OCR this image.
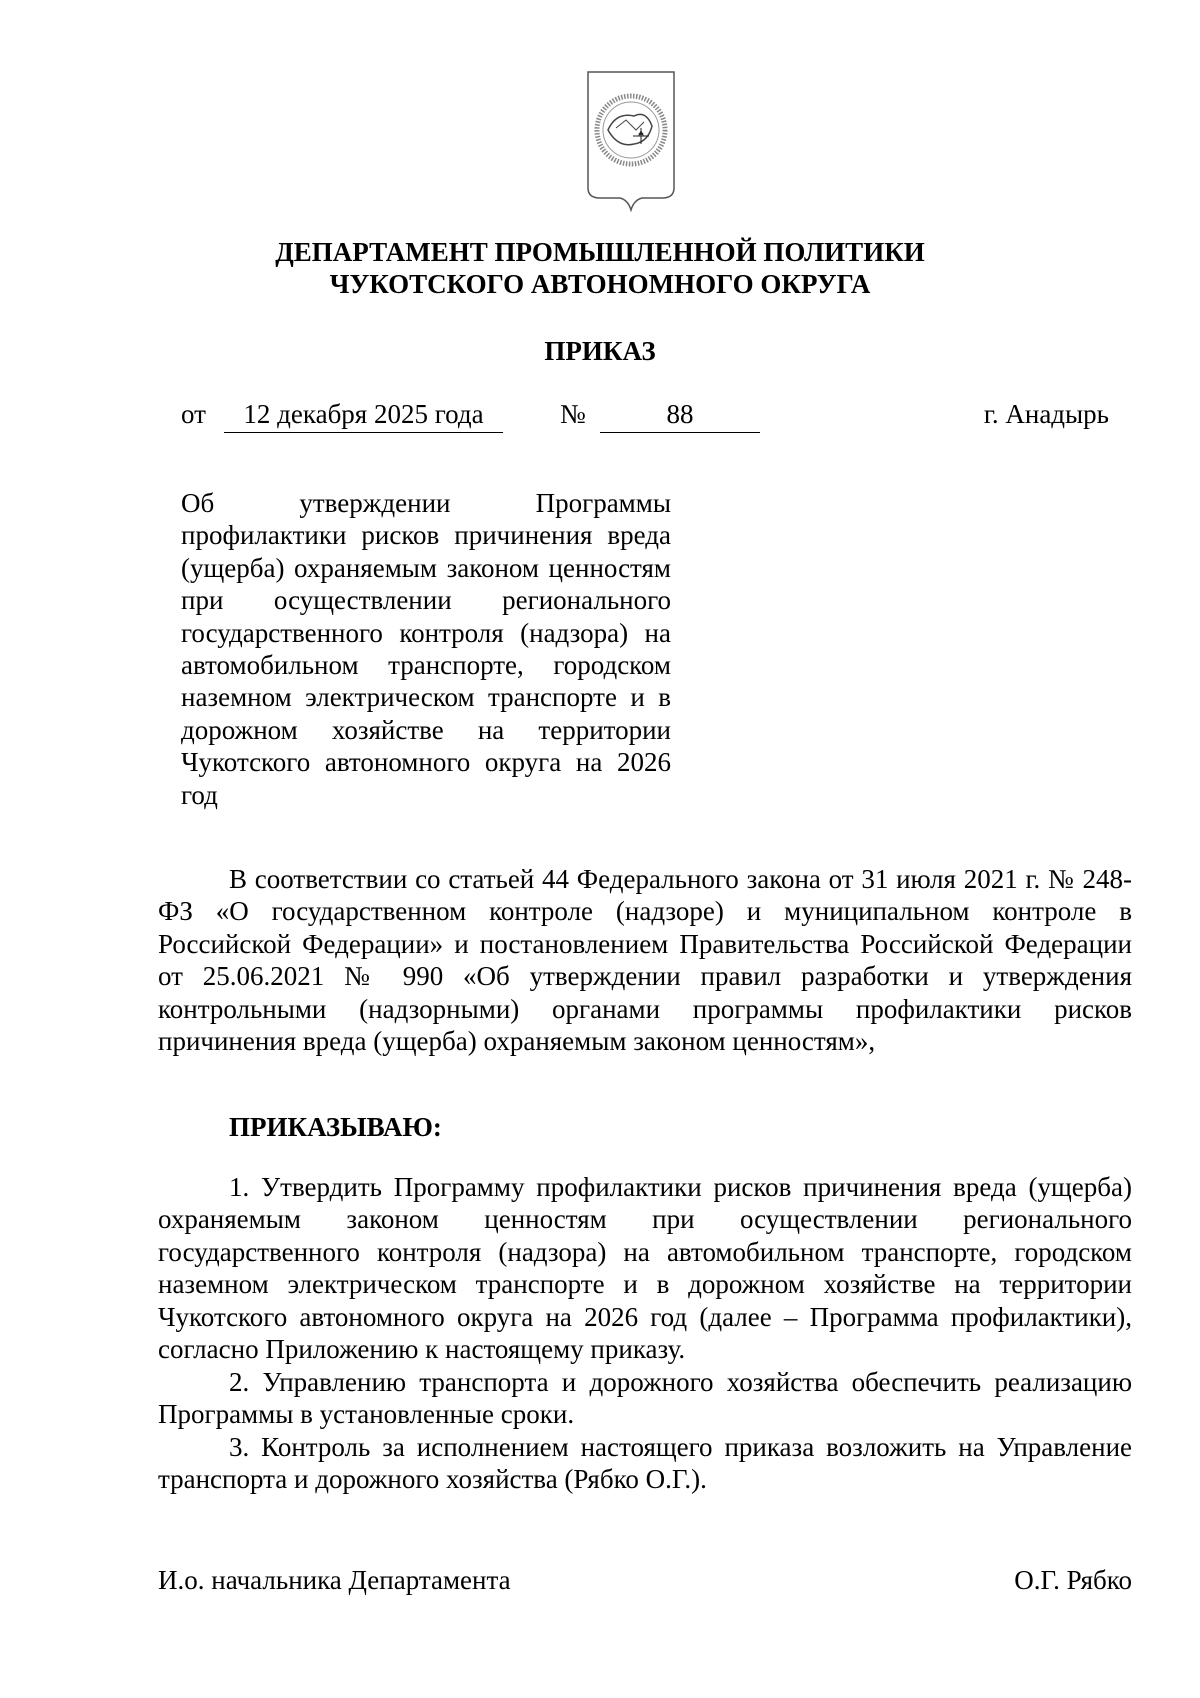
ДЕПАРТАМЕНТ ПРОМЫШЛЕННОЙ ПОЛИТИКИ
ЧУКОТСКОГО АВТОНОМНОГО ОКРУГА
ПРИКАЗ
от	12 декабря 2025 года	№	88	г. Анадырь
Об утверждении Программы профилактики рисков причинения вреда (ущерба) охраняемым законом ценностям при осуществлении регионального государственного контроля (надзора) на автомобильном транспорте, городском наземном электрическом транспорте и в дорожном хозяйстве на территории Чукотского автономного округа на 2026 год
В соответствии со статьей 44 Федерального закона от 31 июля 2021 г. № 248-ФЗ «О государственном контроле (надзоре) и муниципальном контроле в Российской Федерации» и постановлением Правительства Российской Федерации от 25.06.2021 № 990 «Об утверждении правил разработки и утверждения контрольными (надзорными) органами программы профилактики рисков причинения вреда (ущерба) охраняемым законом ценностям»,
ПРИКАЗЫВАЮ:
1. Утвердить Программу профилактики рисков причинения вреда (ущерба) охраняемым законом ценностям при осуществлении регионального государственного контроля (надзора) на автомобильном транспорте, городском наземном электрическом транспорте и в дорожном хозяйстве на территории Чукотского автономного округа на 2026 год (далее – Программа профилактики), согласно Приложению к настоящему приказу.
2. Управлению транспорта и дорожного хозяйства обеспечить реализацию Программы в установленные сроки.
3. Контроль за исполнением настоящего приказа возложить на Управление транспорта и дорожного хозяйства (Рябко О.Г.).
И.о. начальника Департамента	О.Г. Рябко
